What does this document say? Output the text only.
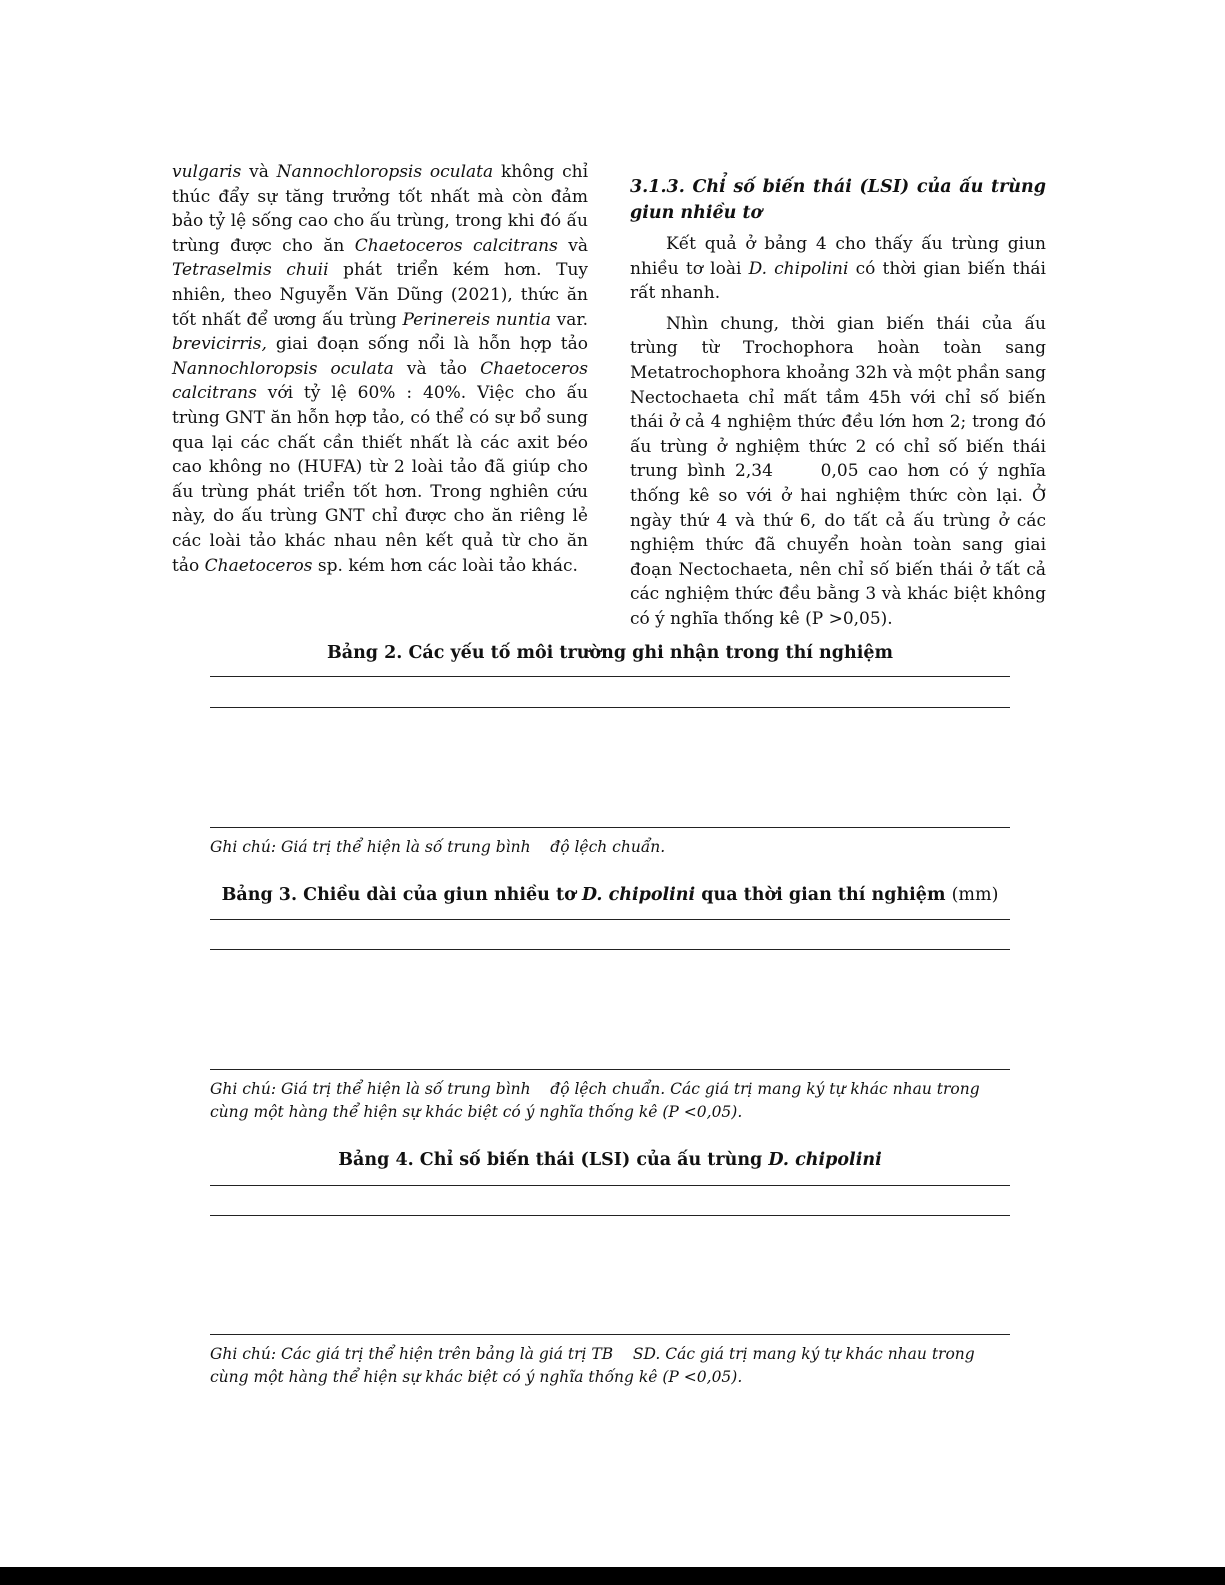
vulgaris và Nannochloropsis oculata không chỉ thúc đẩy sự tăng trưởng tốt nhất mà còn đảm bảo tỷ lệ sống cao cho ấu trùng, trong khi đó ấu trùng được cho ăn Chaetoceros calcitrans và Tetraselmis chuii phát triển kém hơn. Tuy nhiên, theo Nguyễn Văn Dũng (2021), thức ăn tốt nhất để ương ấu trùng Perinereis nuntia var. brevicirris, giai đoạn sống nổi là hỗn hợp tảo Nannochloropsis oculata và tảo Chaetoceros calcitrans với tỷ lệ 60% : 40%. Việc cho ấu trùng GNT ăn hỗn hợp tảo, có thể có sự bổ sung qua lại các chất cần thiết nhất là các axit béo cao không no (HUFA) từ 2 loài tảo đã giúp cho ấu trùng phát triển tốt hơn. Trong nghiên cứu này, do ấu trùng GNT chỉ được cho ăn riêng lẻ các loài tảo khác nhau nên kết quả từ cho ăn tảo Chaetoceros sp. kém hơn các loài tảo khác.

3.1.3. Chỉ số biến thái (LSI) của ấu trùng giun nhiều tơ

Kết quả ở bảng 4 cho thấy ấu trùng giun nhiều tơ loài D. chipolini có thời gian biến thái rất nhanh.

Nhìn chung, thời gian biến thái của ấu trùng từ Trochophora hoàn toàn sang Metatrochophora khoảng 32h và một phần sang Nectochaeta chỉ mất tầm 45h với chỉ số biến thái ở cả 4 nghiệm thức đều lớn hơn 2; trong đó ấu trùng ở nghiệm thức 2 có chỉ số biến thái trung bình 2,34     0,05 cao hơn có ý nghĩa thống kê so với ở hai nghiệm thức còn lại. Ở ngày thứ 4 và thứ 6, do tất cả ấu trùng ở các nghiệm thức đã chuyển hoàn toàn sang giai đoạn Nectochaeta, nên chỉ số biến thái ở tất cả các nghiệm thức đều bằng 3 và khác biệt không có ý nghĩa thống kê (P >0,05).

Bảng 2. Các yếu tố môi trường ghi nhận trong thí nghiệm

Ghi chú: Giá trị thể hiện là số trung bình    độ lệch chuẩn.

Bảng 3. Chiều dài của giun nhiều tơ D. chipolini qua thời gian thí nghiệm (mm)

Ghi chú: Giá trị thể hiện là số trung bình    độ lệch chuẩn. Các giá trị mang ký tự khác nhau trong cùng một hàng thể hiện sự khác biệt có ý nghĩa thống kê (P <0,05).

Bảng 4. Chỉ số biến thái (LSI) của ấu trùng D. chipolini

Ghi chú: Các giá trị thể hiện trên bảng là giá trị TB    SD. Các giá trị mang ký tự khác nhau trong cùng một hàng thể hiện sự khác biệt có ý nghĩa thống kê (P <0,05).
